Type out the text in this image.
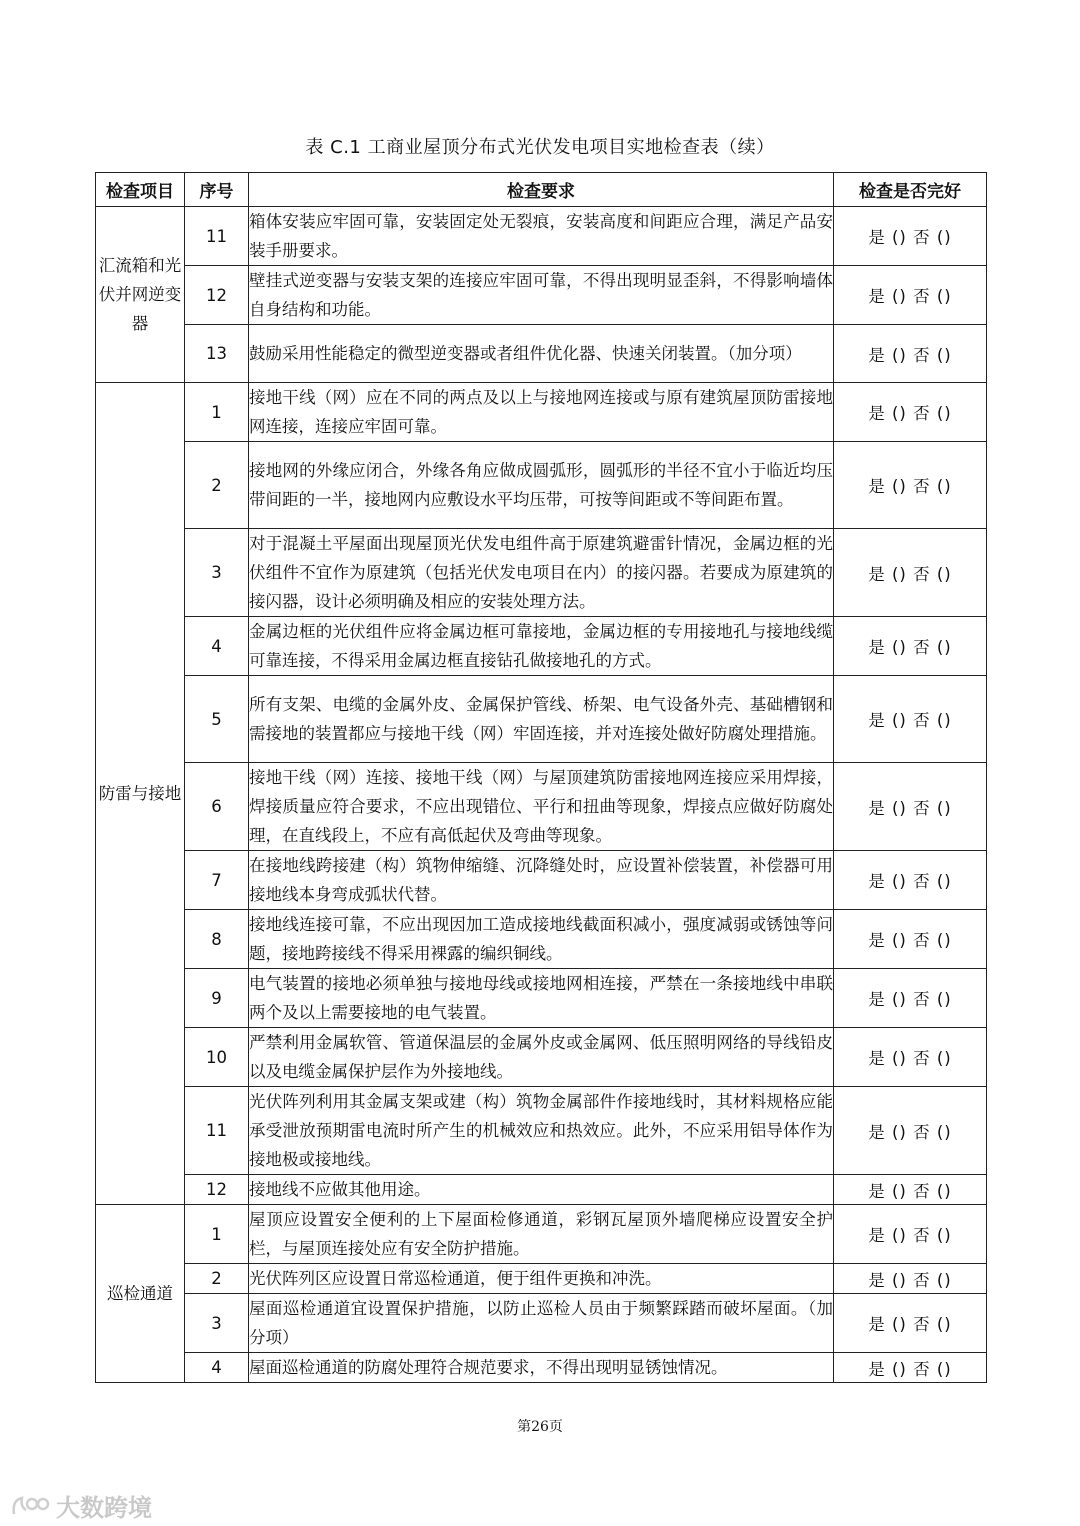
表 C.1 工商业屋顶分布式光伏发电项目实地检查表（续）
检查项目	序号	检查要求	检查是否完好
汇流箱和光伏并网逆变器	11	箱体安装应牢固可靠，安装固定处无裂痕，安装高度和间距应合理，满足产品安装手册要求。	是 () 否 ()
	12	壁挂式逆变器与安装支架的连接应牢固可靠，不得出现明显歪斜，不得影响墙体自身结构和功能。	是 () 否 ()
	13	鼓励采用性能稳定的微型逆变器或者组件优化器、快速关闭装置。（加分项）	是 () 否 ()
防雷与接地	1	接地干线（网）应在不同的两点及以上与接地网连接或与原有建筑屋顶防雷接地网连接，连接应牢固可靠。	是 () 否 ()
	2	接地网的外缘应闭合，外缘各角应做成圆弧形，圆弧形的半径不宜小于临近均压带间距的一半，接地网内应敷设水平均压带，可按等间距或不等间距布置。	是 () 否 ()
	3	对于混凝土平屋面出现屋顶光伏发电组件高于原建筑避雷针情况，金属边框的光伏组件不宜作为原建筑（包括光伏发电项目在内）的接闪器。若要成为原建筑的接闪器，设计必须明确及相应的安装处理方法。	是 () 否 ()
	4	金属边框的光伏组件应将金属边框可靠接地，金属边框的专用接地孔与接地线缆可靠连接，不得采用金属边框直接钻孔做接地孔的方式。	是 () 否 ()
	5	所有支架、电缆的金属外皮、金属保护管线、桥架、电气设备外壳、基础槽钢和需接地的装置都应与接地干线（网）牢固连接，并对连接处做好防腐处理措施。	是 () 否 ()
	6	接地干线（网）连接、接地干线（网）与屋顶建筑防雷接地网连接应采用焊接，焊接质量应符合要求，不应出现错位、平行和扭曲等现象，焊接点应做好防腐处理，在直线段上，不应有高低起伏及弯曲等现象。	是 () 否 ()
	7	在接地线跨接建（构）筑物伸缩缝、沉降缝处时，应设置补偿装置，补偿器可用接地线本身弯成弧状代替。	是 () 否 ()
	8	接地线连接可靠，不应出现因加工造成接地线截面积减小，强度减弱或锈蚀等问题，接地跨接线不得采用裸露的编织铜线。	是 () 否 ()
	9	电气装置的接地必须单独与接地母线或接地网相连接，严禁在一条接地线中串联两个及以上需要接地的电气装置。	是 () 否 ()
	10	严禁利用金属软管、管道保温层的金属外皮或金属网、低压照明网络的导线铅皮以及电缆金属保护层作为外接地线。	是 () 否 ()
	11	光伏阵列利用其金属支架或建（构）筑物金属部件作接地线时，其材料规格应能承受泄放预期雷电流时所产生的机械效应和热效应。此外，不应采用铝导体作为接地极或接地线。	是 () 否 ()
	12	接地线不应做其他用途。	是 () 否 ()
巡检通道	1	屋顶应设置安全便利的上下屋面检修通道，彩钢瓦屋顶外墙爬梯应设置安全护栏，与屋顶连接处应有安全防护措施。	是 () 否 ()
	2	光伏阵列区应设置日常巡检通道，便于组件更换和冲洗。	是 () 否 ()
	3	屋面巡检通道宜设置保护措施，以防止巡检人员由于频繁踩踏而破坏屋面。（加分项）	是 () 否 ()
	4	屋面巡检通道的防腐处理符合规范要求，不得出现明显锈蚀情况。	是 () 否 ()
第26页
大数跨境
